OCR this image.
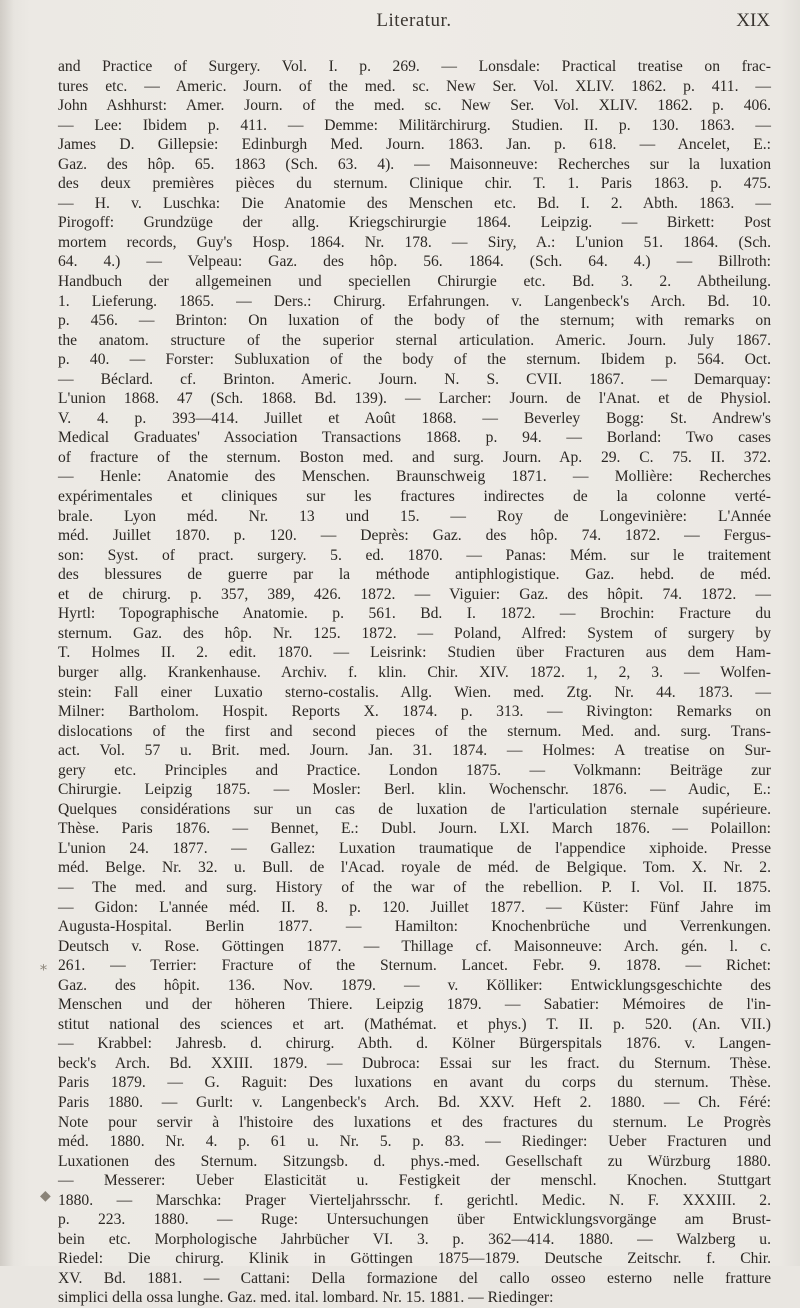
Literatur.	XIX
and Practice of Surgery. Vol. I. p. 269. — Lonsdale: Practical treatise on frac-
tures etc. — Americ. Journ. of the med. sc. New Ser. Vol. XLIV. 1862. p. 411. —
John Ashhurst: Amer. Journ. of the med. sc. New Ser. Vol. XLIV. 1862. p. 406.
— Lee: Ibidem p. 411. — Demme: Militärchirurg. Studien. II. p. 130. 1863. —
James D. Gillepsie: Edinburgh Med. Journ. 1863. Jan. p. 618. — Ancelet, E.:
Gaz. des hôp. 65. 1863 (Sch. 63. 4). — Maisonneuve: Recherches sur la luxation
des deux premières pièces du sternum. Clinique chir. T. 1. Paris 1863. p. 475.
— H. v. Luschka: Die Anatomie des Menschen etc. Bd. I. 2. Abth. 1863. —
Pirogoff: Grundzüge der allg. Kriegschirurgie 1864. Leipzig. — Birkett: Post
mortem records, Guy's Hosp. 1864. Nr. 178. — Siry, A.: L'union 51. 1864. (Sch.
64. 4.) — Velpeau: Gaz. des hôp. 56. 1864. (Sch. 64. 4.) — Billroth:
Handbuch der allgemeinen und speciellen Chirurgie etc. Bd. 3. 2. Abtheilung.
1. Lieferung. 1865. — Ders.: Chirurg. Erfahrungen. v. Langenbeck's Arch. Bd. 10.
p. 456. — Brinton: On luxation of the body of the sternum; with remarks on
the anatom. structure of the superior sternal articulation. Americ. Journ. July 1867.
p. 40. — Forster: Subluxation of the body of the sternum. Ibidem p. 564. Oct.
— Béclard. cf. Brinton. Americ. Journ. N. S. CVII. 1867. — Demarquay:
L'union 1868. 47 (Sch. 1868. Bd. 139). — Larcher: Journ. de l'Anat. et de Physiol.
V. 4. p. 393—414. Juillet et Août 1868. — Beverley Bogg: St. Andrew's
Medical Graduates' Association Transactions 1868. p. 94. — Borland: Two cases
of fracture of the sternum. Boston med. and surg. Journ. Ap. 29. C. 75. II. 372.
— Henle: Anatomie des Menschen. Braunschweig 1871. — Mollière: Recherches
expérimentales et cliniques sur les fractures indirectes de la colonne verté-
brale. Lyon méd. Nr. 13 und 15. — Roy de Longevinière: L'Année
méd. Juillet 1870. p. 120. — Deprès: Gaz. des hôp. 74. 1872. — Fergus-
son: Syst. of pract. surgery. 5. ed. 1870. — Panas: Mém. sur le traitement
des blessures de guerre par la méthode antiphlogistique. Gaz. hebd. de méd.
et de chirurg. p. 357, 389, 426. 1872. — Viguier: Gaz. des hôpit. 74. 1872. —
Hyrtl: Topographische Anatomie. p. 561. Bd. I. 1872. — Brochin: Fracture du
sternum. Gaz. des hôp. Nr. 125. 1872. — Poland, Alfred: System of surgery by
T. Holmes II. 2. edit. 1870. — Leisrink: Studien über Fracturen aus dem Ham-
burger allg. Krankenhause. Archiv. f. klin. Chir. XIV. 1872. 1, 2, 3. — Wolfen-
stein: Fall einer Luxatio sterno-costalis. Allg. Wien. med. Ztg. Nr. 44. 1873. —
Milner: Bartholom. Hospit. Reports X. 1874. p. 313. — Rivington: Remarks on
dislocations of the first and second pieces of the sternum. Med. and. surg. Trans-
act. Vol. 57 u. Brit. med. Journ. Jan. 31. 1874. — Holmes: A treatise on Sur-
gery etc. Principles and Practice. London 1875. — Volkmann: Beiträge zur
Chirurgie. Leipzig 1875. — Mosler: Berl. klin. Wochenschr. 1876. — Audic, E.:
Quelques considérations sur un cas de luxation de l'articulation sternale supérieure.
Thèse. Paris 1876. — Bennet, E.: Dubl. Journ. LXI. March 1876. — Polaillon:
L'union 24. 1877. — Gallez: Luxation traumatique de l'appendice xiphoide. Presse
méd. Belge. Nr. 32. u. Bull. de l'Acad. royale de méd. de Belgique. Tom. X. Nr. 2.
— The med. and surg. History of the war of the rebellion. P. I. Vol. II. 1875.
— Gidon: L'année méd. II. 8. p. 120. Juillet 1877. — Küster: Fünf Jahre im
Augusta-Hospital. Berlin 1877. — Hamilton: Knochenbrüche und Verrenkungen.
Deutsch v. Rose. Göttingen 1877. — Thillage cf. Maisonneuve: Arch. gén. l. c.
261. — Terrier: Fracture of the Sternum. Lancet. Febr. 9. 1878. — Richet:
Gaz. des hôpit. 136. Nov. 1879. — v. Kölliker: Entwicklungsgeschichte des
Menschen und der höheren Thiere. Leipzig 1879. — Sabatier: Mémoires de l'in-
stitut national des sciences et art. (Mathémat. et phys.) T. II. p. 520. (An. VII.)
— Krabbel: Jahresb. d. chirurg. Abth. d. Kölner Bürgerspitals 1876. v. Langen-
beck's Arch. Bd. XXIII. 1879. — Dubroca: Essai sur les fract. du Sternum. Thèse.
Paris 1879. — G. Raguit: Des luxations en avant du corps du sternum. Thèse.
Paris 1880. — Gurlt: v. Langenbeck's Arch. Bd. XXV. Heft 2. 1880. — Ch. Féré:
Note pour servir à l'histoire des luxations et des fractures du sternum. Le Progrès
méd. 1880. Nr. 4. p. 61 u. Nr. 5. p. 83. — Riedinger: Ueber Fracturen und
Luxationen des Sternum. Sitzungsb. d. phys.-med. Gesellschaft zu Würzburg 1880.
— Messerer: Ueber Elasticität u. Festigkeit der menschl. Knochen. Stuttgart
1880. — Marschka: Prager Vierteljahrsschr. f. gerichtl. Medic. N. F. XXXIII. 2.
p. 223. 1880. — Ruge: Untersuchungen über Entwicklungsvorgänge am Brust-
bein etc. Morphologische Jahrbücher VI. 3. p. 362—414. 1880. — Walzberg u.
Riedel: Die chirurg. Klinik in Göttingen 1875—1879. Deutsche Zeitschr. f. Chir.
XV. Bd. 1881. — Cattani: Della formazione del callo osseo esterno nelle fratture
simplici della ossa lunghe. Gaz. med. ital. lombard. Nr. 15. 1881. — Riedinger:
⁎
◆
